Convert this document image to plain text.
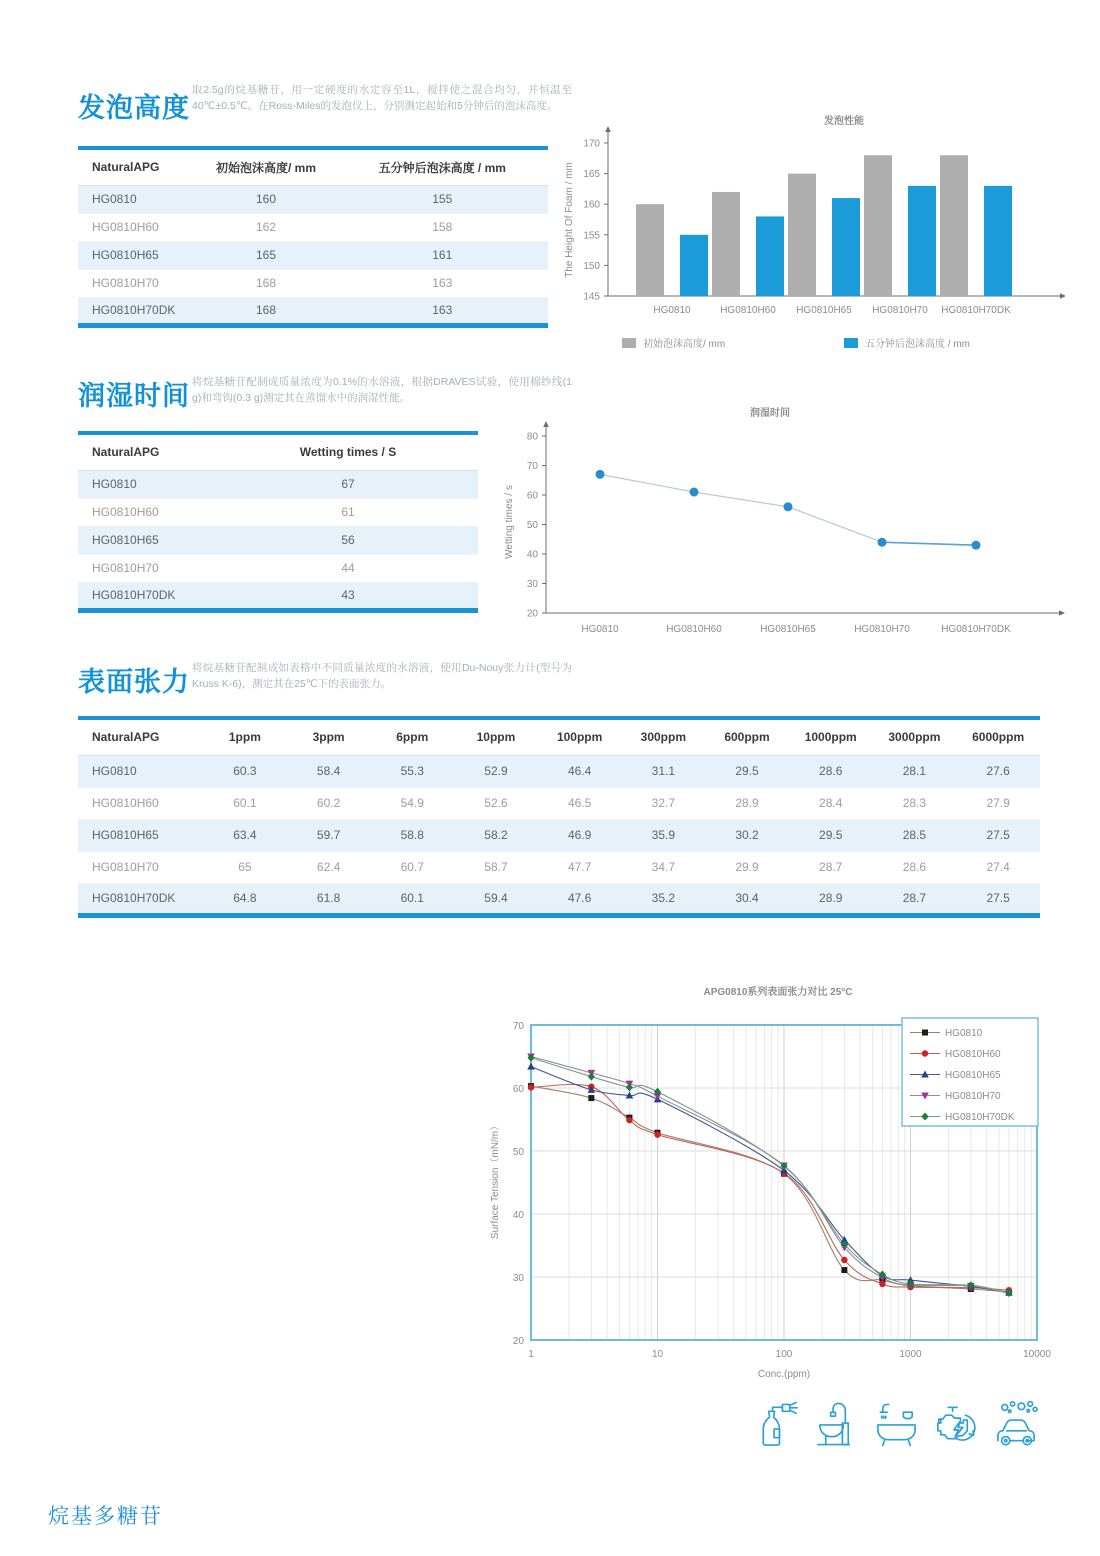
发泡高度

取2.5g的烷基糖苷，用一定硬度的水定容至1L，搅拌使之混合均匀，并恒温至40℃±0.5℃。在Ross-Miles的发泡仪上，分别测定起始和5分钟后的泡沫高度。

NaturalAPG	初始泡沫高度/ mm	五分钟后泡沫高度 / mm
HG0810	160	155
HG0810H60	162	158
HG0810H65	165	161
HG0810H70	168	163
HG0810H70DK	168	163
发泡性能
The Height Of Foam / mm
145
150
155
160
165
170
HG0810	HG0810H60 HG0810H65 HG0810H70 HG0810H70DK
初始泡沫高度/ mm	五分钟后泡沫高度 / mm
润湿时间 将烷基糖苷配制成质量浓度为0.1%的水溶液，根据DRAVES试验，使用棉纱线(1 g)和弯钩(0.3 g)测定其在蒸馏水中的润湿性能。

NaturalAPG	Wetting times / S
HG0810	67
HG0810H60	61
HG0810H65	56
HG0810H70	44
HG0810H70DK	43
润湿时间
Wetting times / s
20
30
40
50
60
70
80
HG0810	HG0810H60	HG0810H65	HG0810H70	HG0810H70DK
表面张力 将烷基糖苷配制成如表格中不同质量浓度的水溶液，使用Du-Nouy张力计(型号为Kruss K-6)，测定其在25℃下的表面张力。

NaturalAPG	1ppm	3ppm	6ppm	10ppm	100ppm	300ppm	600ppm	1000ppm	3000ppm	6000ppm
HG0810	60.3	58.4	55.3	52.9	46.4	31.1	29.5	28.6	28.1	27.6
HG0810H60	60.1	60.2	54.9	52.6	46.5	32.7	28.9	28.4	28.3	27.9
HG0810H65	63.4	59.7	58.8	58.2	46.9	35.9	30.2	29.5	28.5	27.5
HG0810H70	65	62.4	60.7	58.7	47.7	34.7	29.9	28.7	28.6	27.4
HG0810H70DK	64.8	61.8	60.1	59.4	47.6	35.2	30.4	28.9	28.7	27.5
APG0810系列表面张力对比 25°C
20
30
40
50
60
70
1	10	100	1000	10000
Conc.(ppm)
Surface Tension（mN/m）
HG0810
HG0810H60
HG0810H65
HG0810H70
HG0810H70DK
烷基多糖苷
